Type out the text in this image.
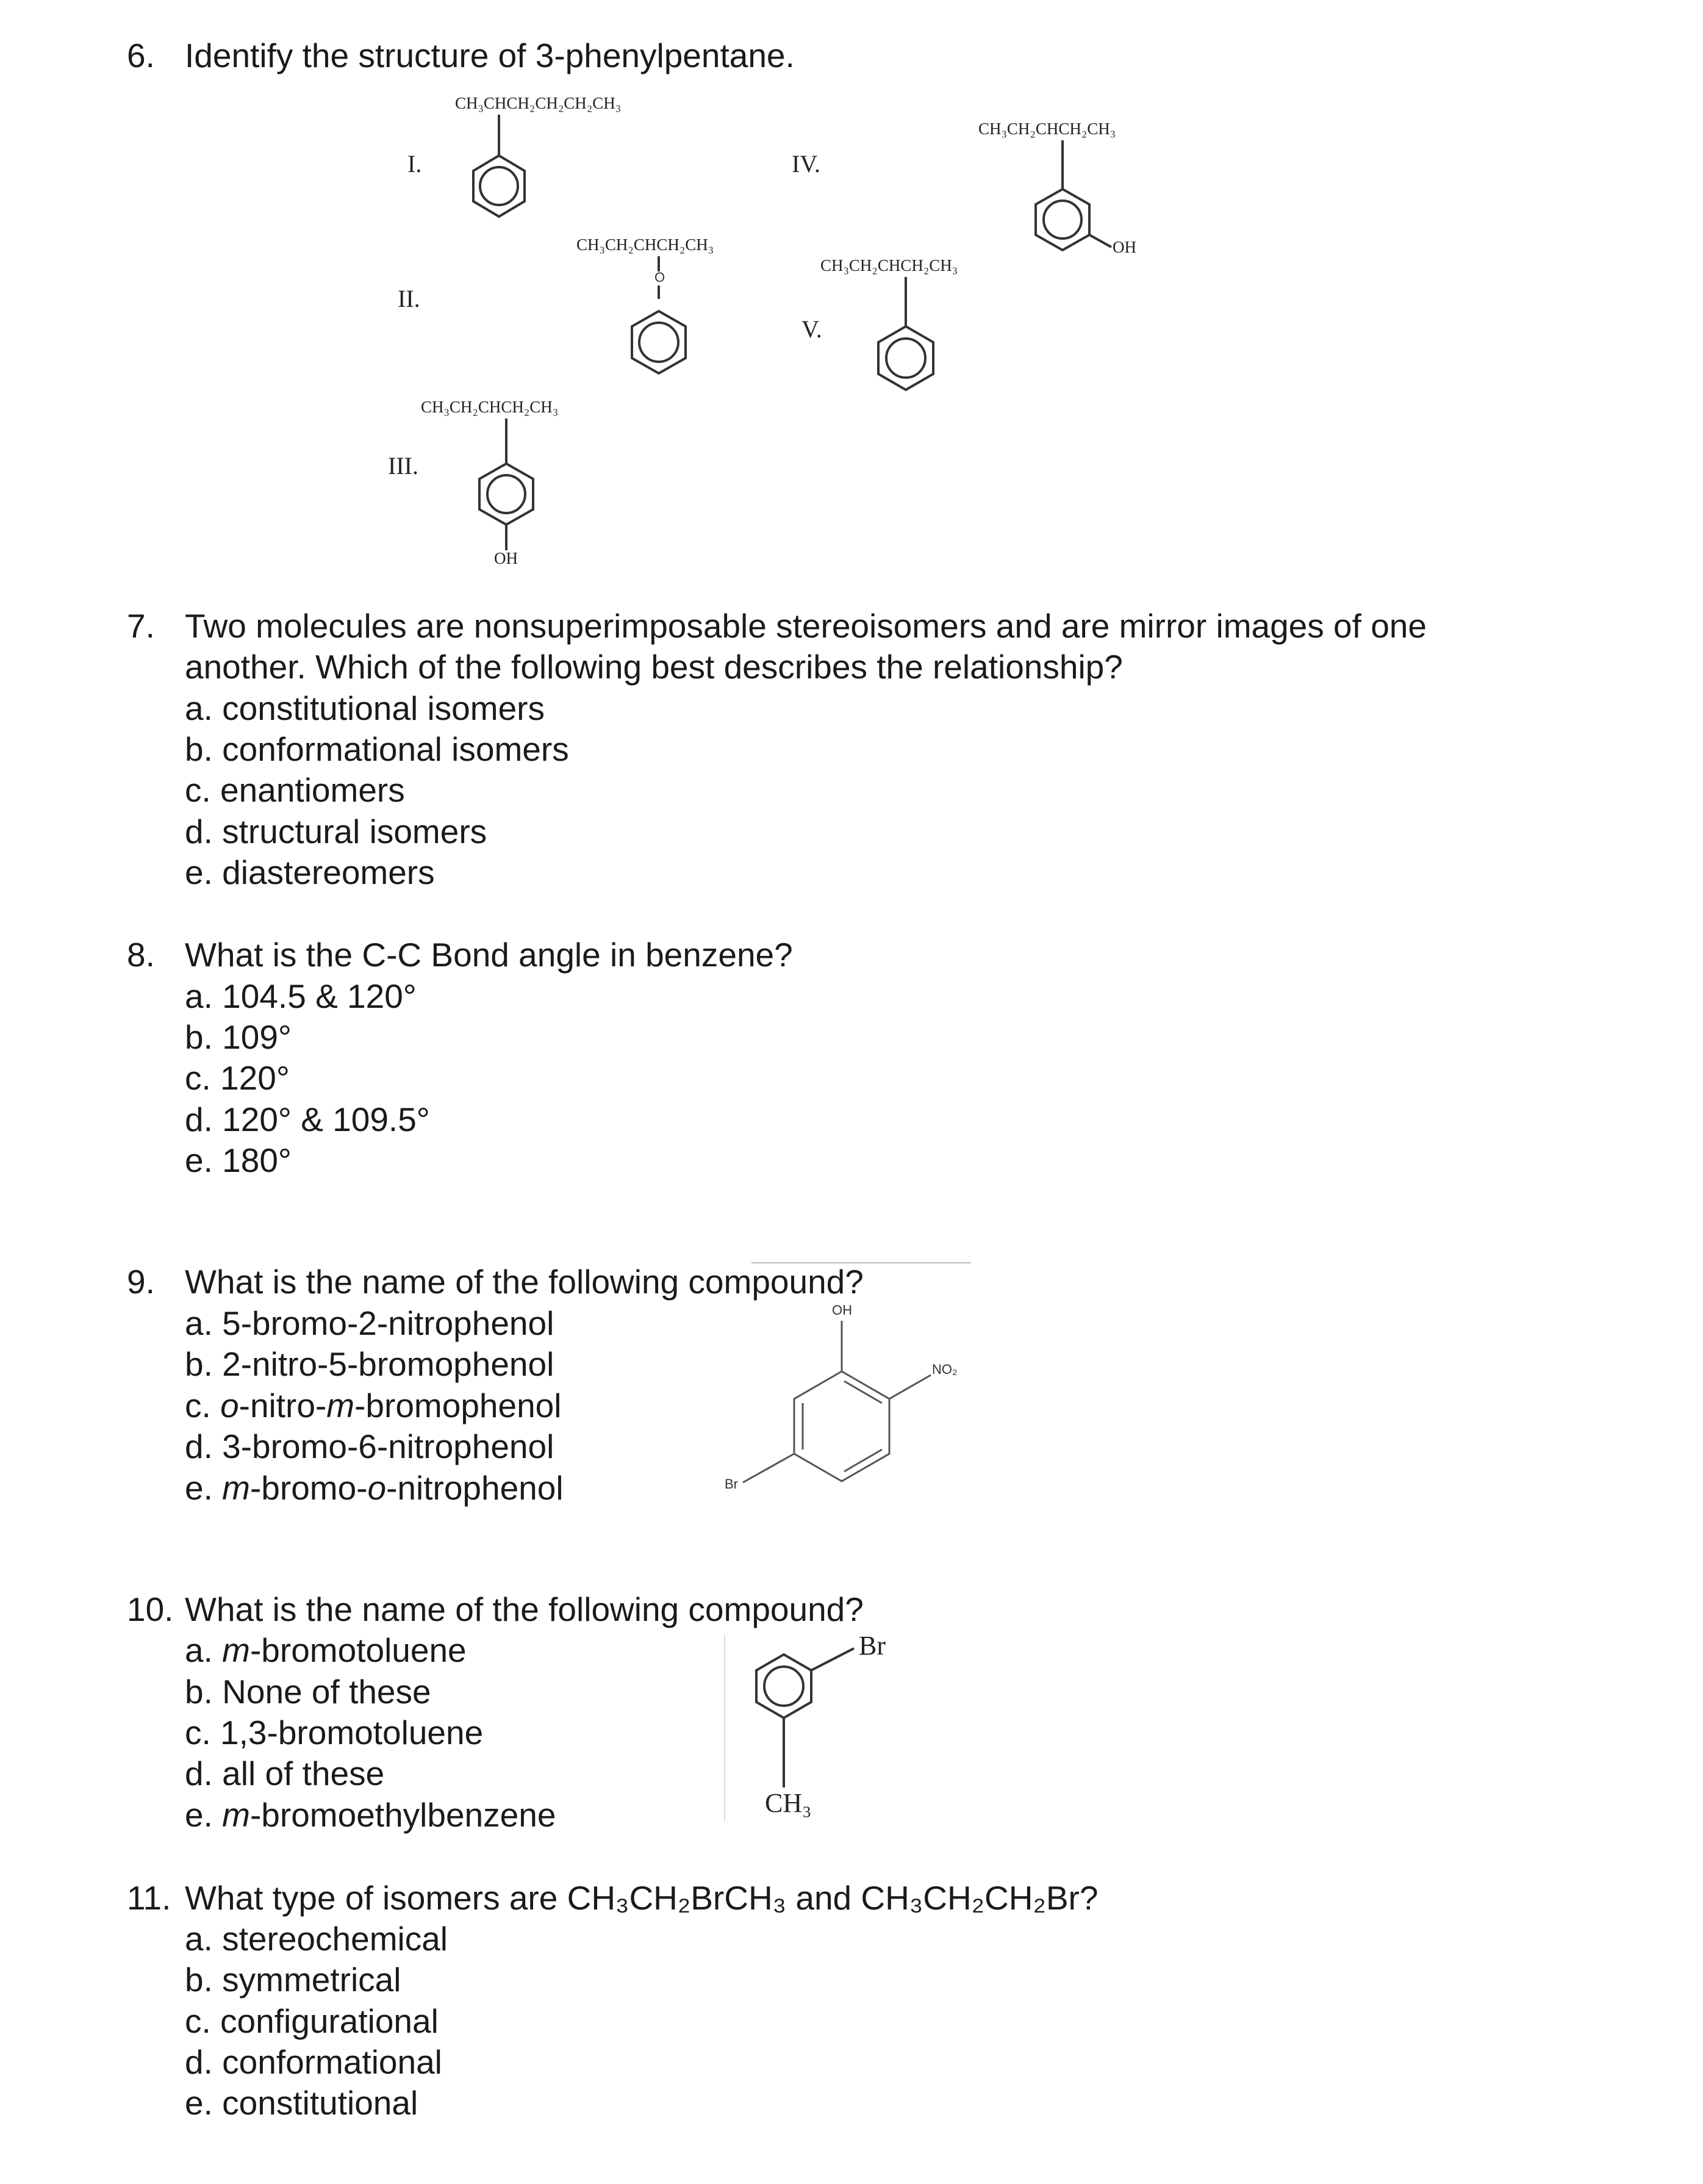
6. Identify the structure of 3-phenylpentane.
I.
CH₃CHCH₂CH₂CH₂CH₃
II.
CH₃CH₂CHCH₂CH₃
O
III.
CH₃CH₂CHCH₂CH₃
OH
IV.
CH₃CH₂CHCH₂CH₃
OH
V.
CH₃CH₂CHCH₂CH₃
7. Two molecules are nonsuperimposable stereoisomers and are mirror images of one
another. Which of the following best describes the relationship?
a. constitutional isomers
b. conformational isomers
c. enantiomers
d. structural isomers
e. diastereomers
8. What is the C-C Bond angle in benzene?
a. 104.5 & 120°
b. 109°
c. 120°
d. 120° & 109.5°
e. 180°
9. What is the name of the following compound?
a. 5-bromo-2-nitrophenol
b. 2-nitro-5-bromophenol
c. o-nitro-m-bromophenol
d. 3-bromo-6-nitrophenol
e. m-bromo-o-nitrophenol
OH
NO₂
Br
10. What is the name of the following compound?
a. m-bromotoluene
b. None of these
c. 1,3-bromotoluene
d. all of these
e. m-bromoethylbenzene
Br
CH₃
11. What type of isomers are CH₃CH₂BrCH₃ and CH₃CH₂CH₂Br?
a. stereochemical
b. symmetrical
c. configurational
d. conformational
e. constitutional
